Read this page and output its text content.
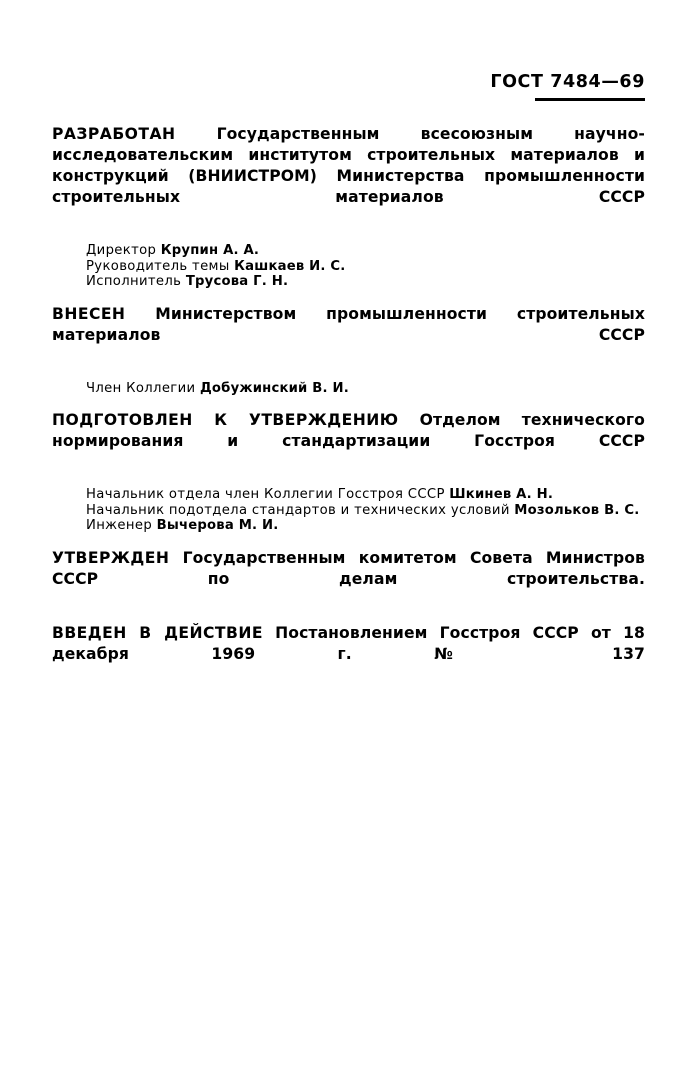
ГОСТ 7484—69

РАЗРАБОТАН Государственным всесоюзным научно-исследовательским институтом строительных материалов и конструкций (ВНИИСТРОМ) Министерства промышленности строительных материалов СССР

Директор Крупин А. А.
Руководитель темы Кашкаев И. С.
Исполнитель Трусова Г. Н.

ВНЕСЕН Министерством промышленности строительных материалов СССР

Член Коллегии Добужинский В. И.

ПОДГОТОВЛЕН К УТВЕРЖДЕНИЮ Отделом технического нормирования и стандартизации Госстроя СССР

Начальник отдела член Коллегии Госстроя СССР Шкинев А. Н.
Начальник подотдела стандартов и технических условий Мозольков В. С.
Инженер Вычерова М. И.

УТВЕРЖДЕН Государственным комитетом Совета Министров СССР по делам строительства.

ВВЕДЕН В ДЕЙСТВИЕ Постановлением Госстроя СССР от 18 декабря 1969 г. № 137
